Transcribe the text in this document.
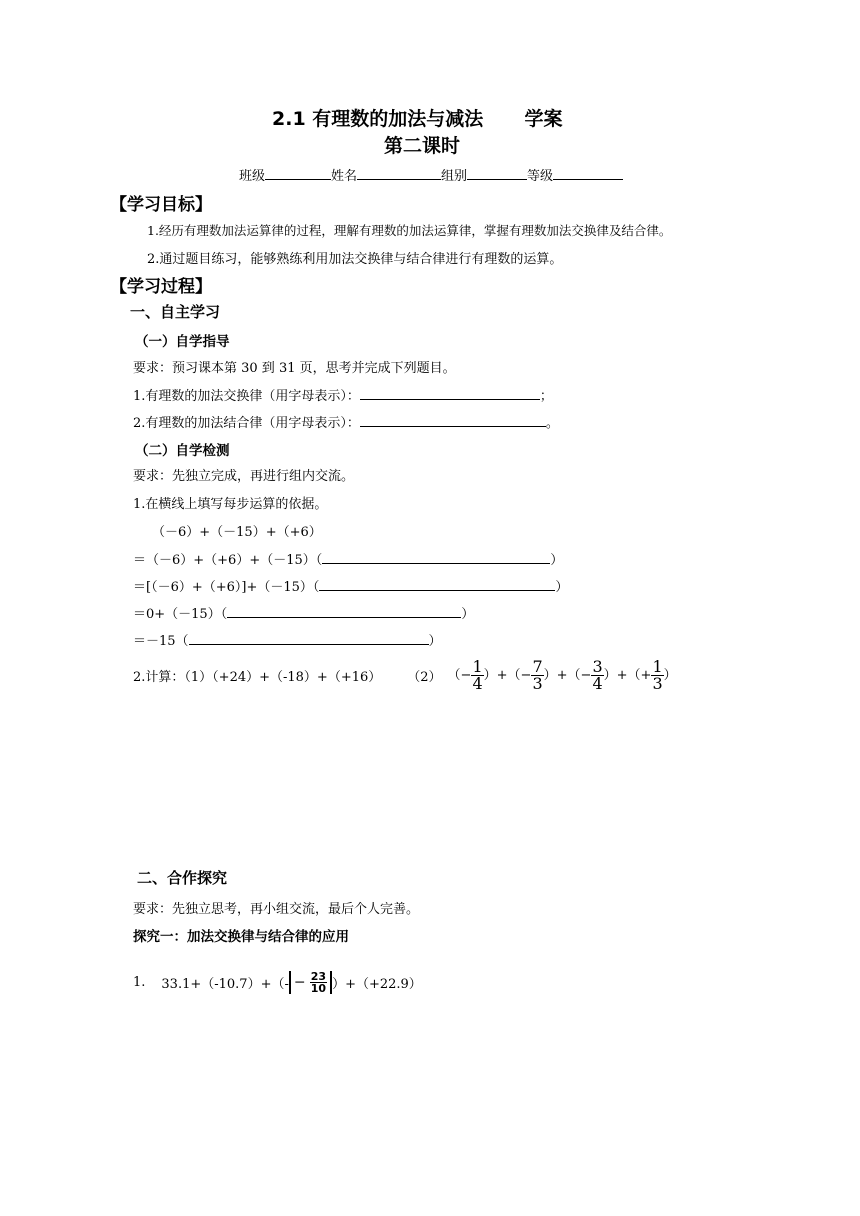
2.1 有理数的加法与减法 学案
第二课时
班级	姓名	组别	等级
【学习目标】
1.经历有理数加法运算律的过程，理解有理数的加法运算律，掌握有理数加法交换律及结合律。
2.通过题目练习，能够熟练利用加法交换律与结合律进行有理数的运算。
【学习过程】
一、自主学习
（一）自学指导
要求：预习课本第 30 到 31 页，思考并完成下列题目。
1.有理数的加法交换律（用字母表示）：	；
2.有理数的加法结合律（用字母表示）：	。
（二）自学检测
要求：先独立完成，再进行组内交流。
1.在横线上填写每步运算的依据。
（－6）+（－15）+（+6）
＝（－6）+（+6）+（－15）（	）
＝[（－6）+（+6）]+（－15）（	）
＝0+（－15）（	）
＝－15（	）
2.计算：（1）（+24）+（-18）+（+16） （2） （− $\frac{1}{4}$ ）+ （− $\frac{7}{3}$ ）+ （− $\frac{3}{4}$ ）+ （+ $\frac{1}{3}$ ）
二、合作探究
要求：先独立思考，再小组交流，最后个人完善。
探究一：加法交换律与结合律的应用
1. $33.1+(-10.7)+(- - \frac{23}{10} )+(+22.9)$
